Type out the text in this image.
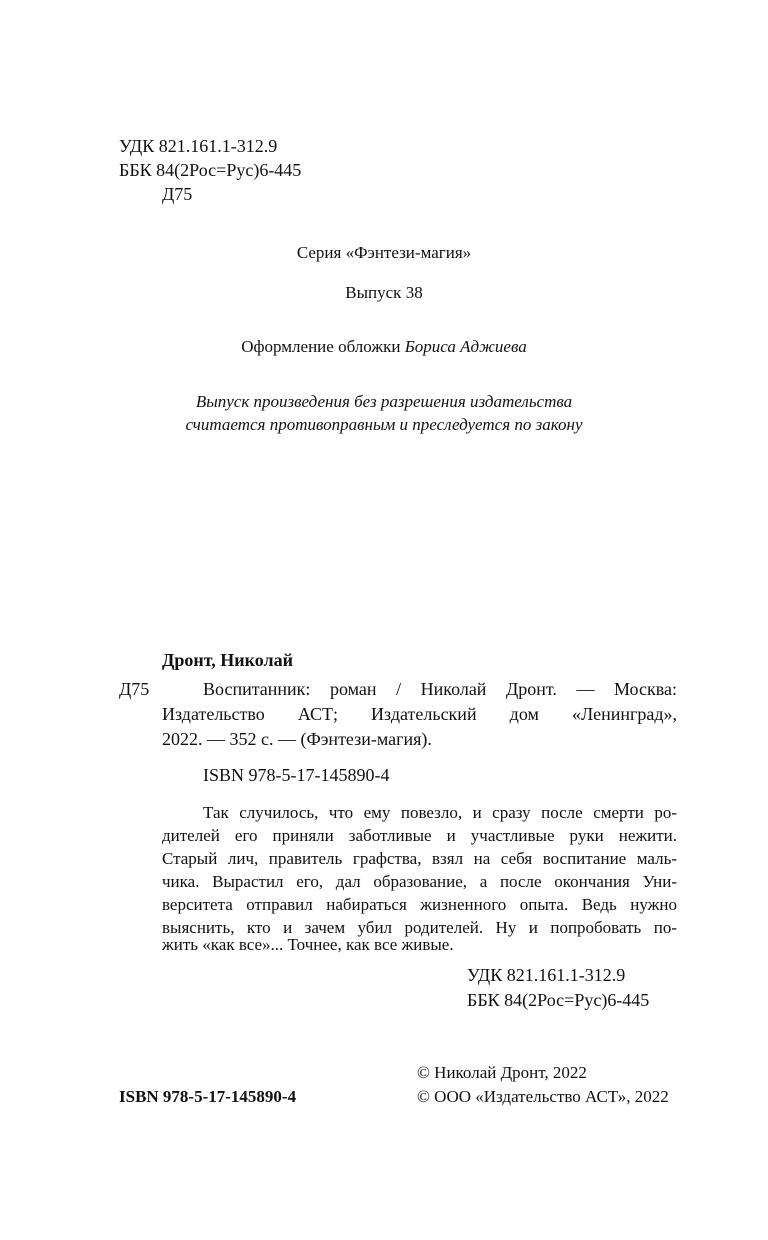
УДК 821.161.1-312.9
ББК 84(2Рос=Рус)6-445
Д75
Серия «Фэнтези-магия»
Выпуск 38
Оформление обложки Бориса Аджиева
Выпуск произведения без разрешения издательства
считается противоправным и преследуется по закону
Дронт, Николай
Д75	Воспитанник: роман / Николай Дронт. — Москва:
Издательство АСТ; Издательский дом «Ленинград»,
2022. — 352 с. — (Фэнтези-магия).
ISBN 978-5-17-145890-4
Так случилось, что ему повезло, и сразу после смерти ро-
дителей его приняли заботливые и участливые руки нежити.
Старый лич, правитель графства, взял на себя воспитание маль-
чика. Вырастил его, дал образование, а после окончания Уни-
верситета отправил набираться жизненного опыта. Ведь нужно
выяснить, кто и зачем убил родителей. Ну и попробовать по-
жить «как все»... Точнее, как все живые.
УДК 821.161.1-312.9
ББК 84(2Рос=Рус)6-445
© Николай Дронт, 2022
ISBN 978-5-17-145890-4	© ООО «Издательство АСТ», 2022
